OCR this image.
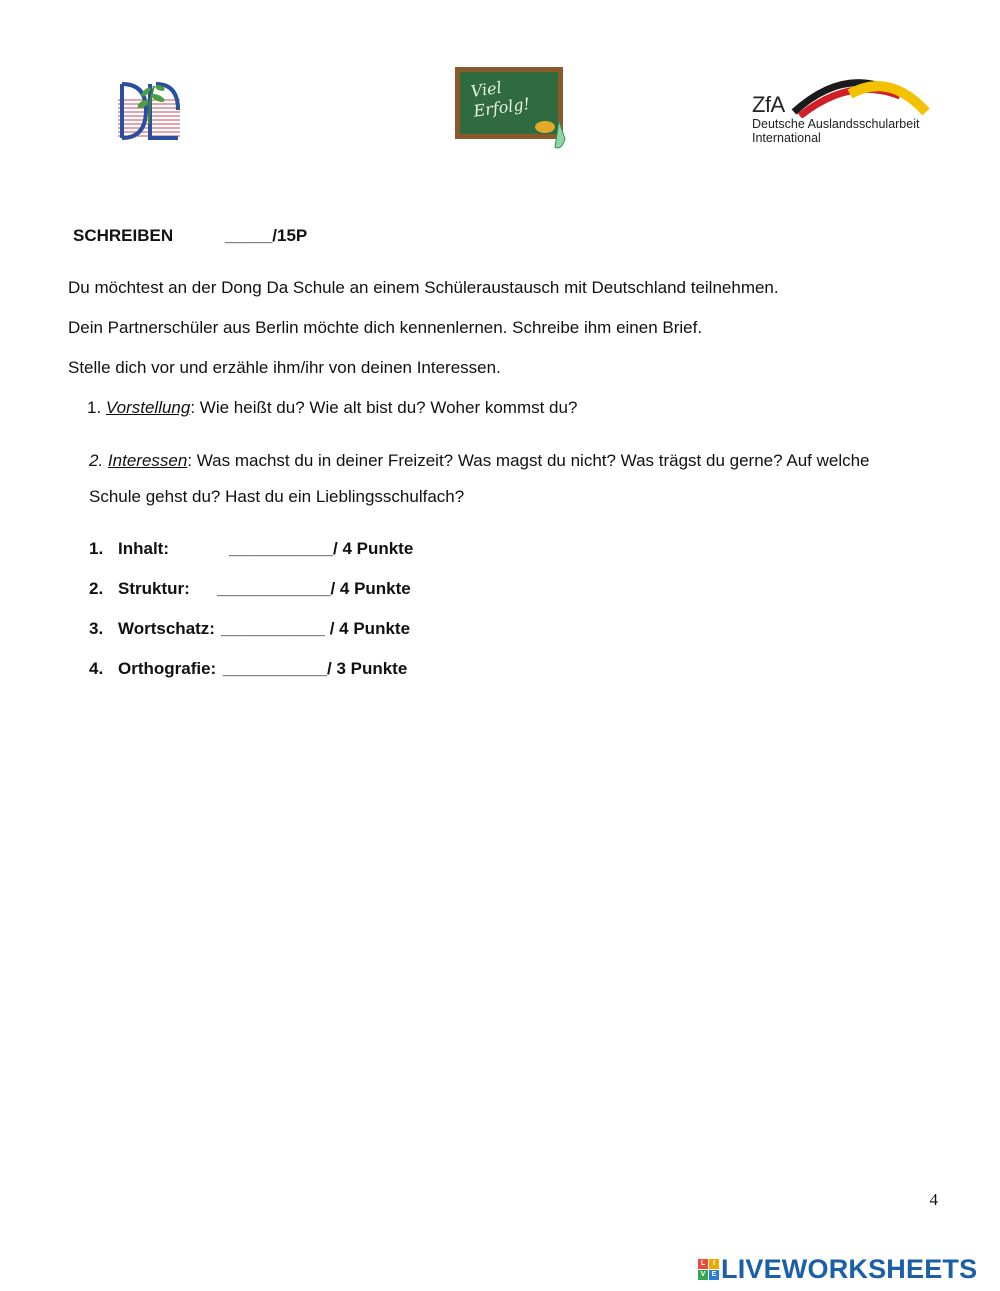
Viel
Erfolg!	ZfA
Deutsche Auslandsschularbeit
International
SCHREIBEN	_____/15P
Du möchtest an der Dong Da Schule an einem Schüleraustausch mit Deutschland teilnehmen.
Dein Partnerschüler aus Berlin möchte dich kennenlernen. Schreibe ihm einen Brief.
Stelle dich vor und erzähle ihm/ihr von deinen Interessen.
1. Vorstellung: Wie heißt du? Wie alt bist du? Woher kommst du?
2. Interessen: Was machst du in deiner Freizeit? Was magst du nicht? Was trägst du gerne? Auf welche
Schule gehst du? Hast du ein Lieblingsschulfach?
1. Inhalt:	___________/ 4 Punkte
2. Struktur: ____________/ 4 Punkte
3. Wortschatz: ___________ / 4 Punkte
4. Orthografie: ___________/ 3 Punkte
4
L	I
V E LIVEWORKSHEETS
